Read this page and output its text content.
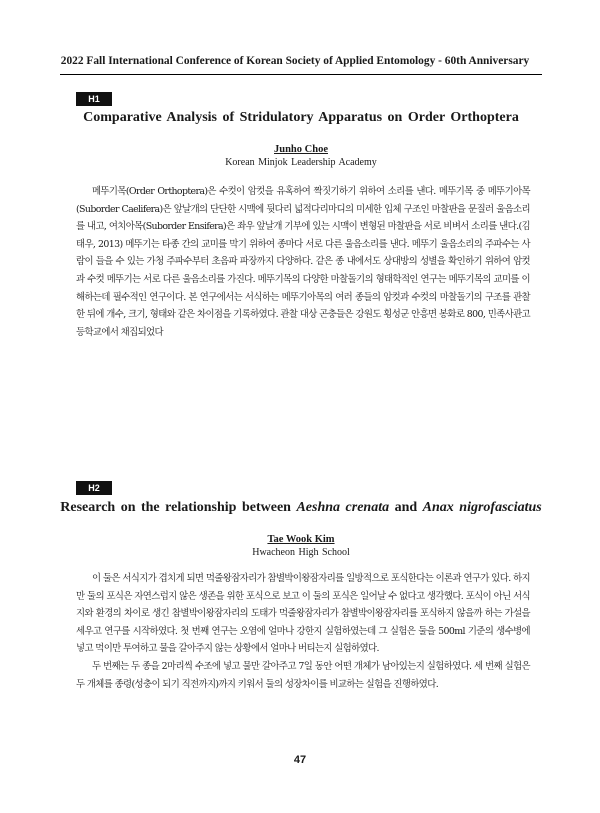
2022 Fall International Conference of Korean Society of Applied Entomology - 60th Anniversary
H1
Comparative Analysis of Stridulatory Apparatus on Order Orthoptera
Junho Choe
Korean Minjok Leadership Academy

메뚜기목(Order Orthoptera)은 수컷이 암컷을 유혹하여 짝짓기하기 위하여 소리를 낸다. 메뚜기목 중 메뚜기아목(Suborder Caelifera)은 앞날개의 단단한 시맥에 뒷다리 넓적다리마디의 미세한 입체 구조인 마찰판을 문질러 울음소리를 내고, 여치아목(Suborder Ensifera)은 좌우 앞날개 기부에 있는 시맥이 변형된 마찰판을 서로 비벼서 소리를 낸다.(김태우, 2013) 메뚜기는 타종 간의 교미를 막기 위하여 종마다 서로 다른 울음소리를 낸다. 메뚜기 울음소리의 주파수는 사람이 들을 수 있는 가청 주파수부터 초음파 파장까지 다양하다. 같은 종 내에서도 상대방의 성별을 확인하기 위하여 암컷과 수컷 메뚜기는 서로 다른 울음소리를 가진다. 메뚜기목의 다양한 마찰돌기의 형태학적인 연구는 메뚜기목의 교미를 이해하는데 필수적인 연구이다. 본 연구에서는 서식하는 메뚜기아목의 여러 종들의 암컷과 수컷의 마찰돌기의 구조를 관찰한 뒤에 개수, 크기, 형태와 같은 차이점을 기록하였다. 관찰 대상 곤충들은 강원도 횡성군 안흥면 봉화로 800, 민족사관고등학교에서 채집되었다

H2
Research on the relationship between Aeshna crenata and Anax nigrofasciatus
Tae Wook Kim
Hwacheon High School

이 둘은 서식지가 겹치게 되면 먹줄왕잠자리가 참별박이왕잠자리를 일방적으로 포식한다는 이론과 연구가 있다. 하지만 둘의 포식은 자연스럽지 않은 생존을 위한 포식으로 보고 이 둘의 포식은 일어날 수 없다고 생각했다. 포식이 아닌 서식지와 환경의 차이로 생긴 참별박이왕잠자리의 도태가 먹줄왕잠자리가 참별박이왕잠자리를 포식하지 않을까 하는 가설을 세우고 연구를 시작하였다. 첫 번째 연구는 오염에 얼마나 강한지 실험하였는데 그 실험은 둘을 500ml 기준의 생수병에 넣고 먹이만 투여하고 물을 갈아주지 않는 상황에서 얼마나 버티는지 실험하였다.

두 번째는 두 종을 2마리씩 수조에 넣고 물만 갈아주고 7일 동안 어떤 개체가 남아있는지 실험하였다. 세 번째 실험은 두 개체를 종령(성충이 되기 직전까지)까지 키워서 둘의 성장차이를 비교하는 실험을 진행하였다.

47
